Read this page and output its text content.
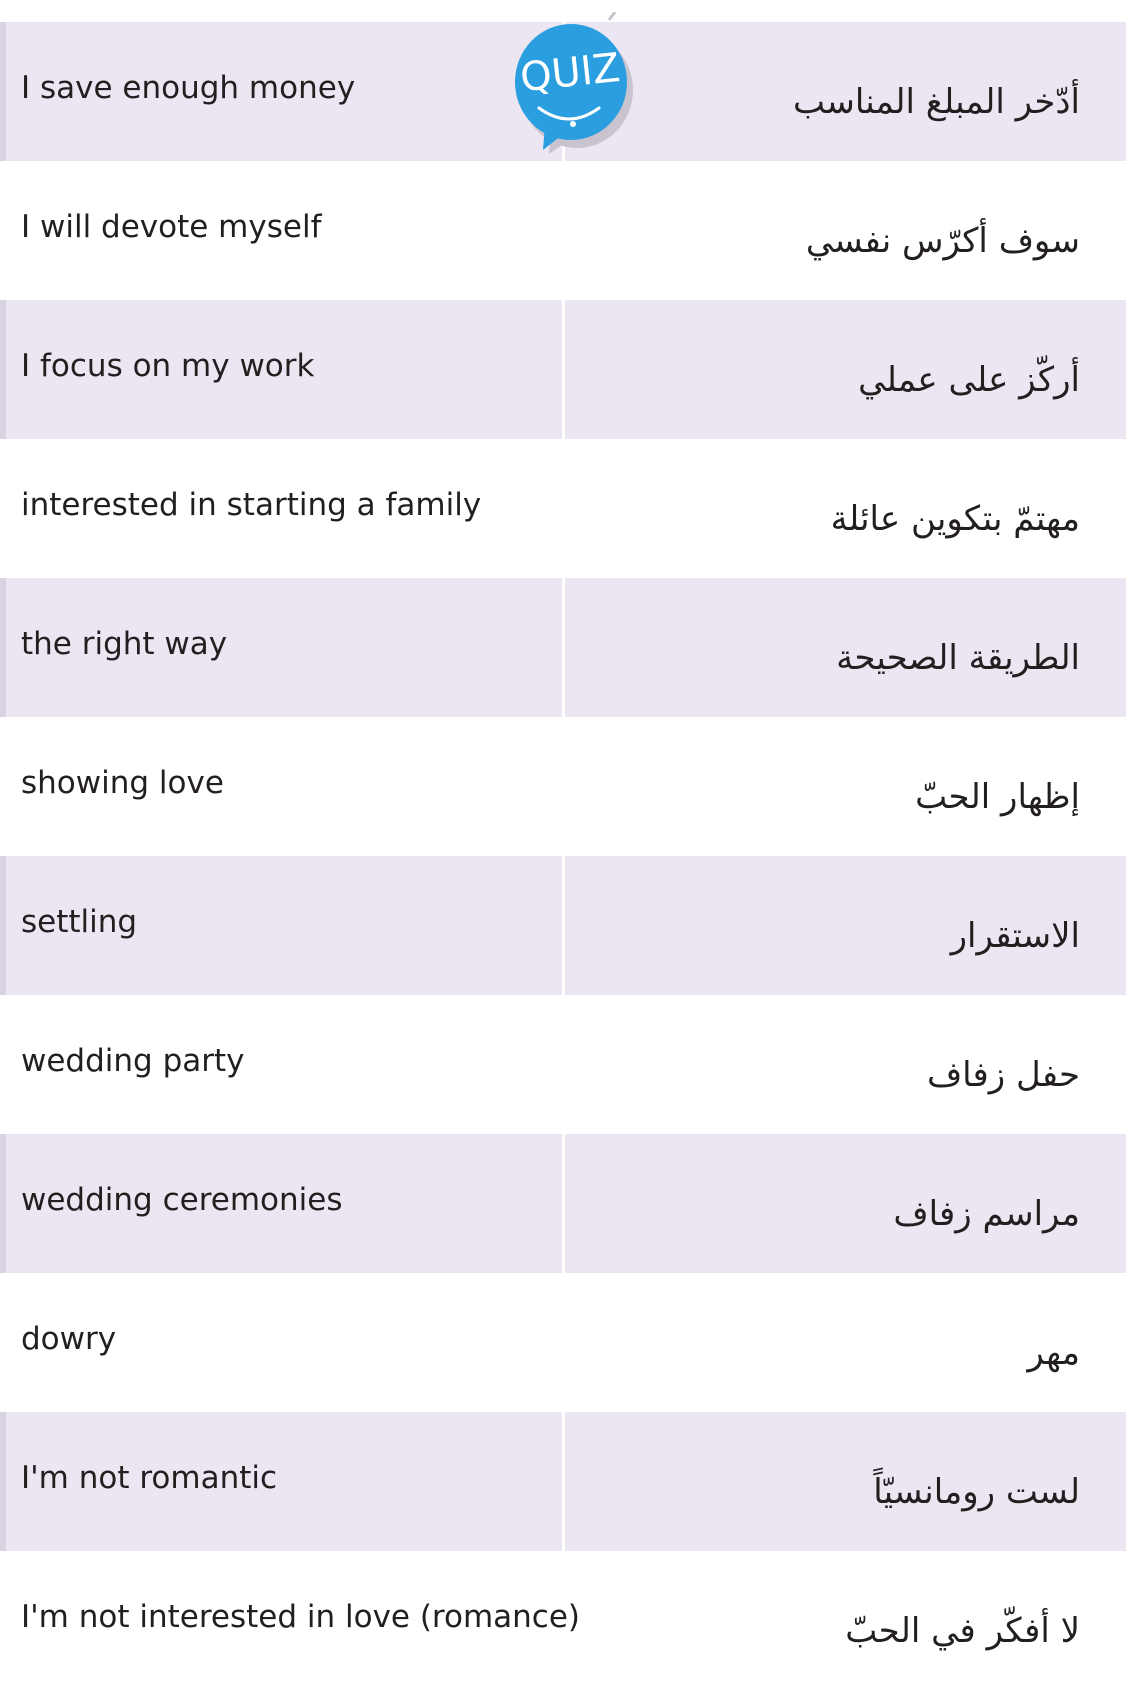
I save enough money	أدّخر المبلغ المناسب
I will devote myself	سوف أكرّس نفسي
I focus on my work	أركّز على عملي
interested in starting a family	مهتمّ بتكوين عائلة
the right way	الطريقة الصحيحة
showing love	إظهار الحبّ
settling	الاستقرار
wedding party	حفل زفاف
wedding ceremonies	مراسم زفاف
dowry	مهر
I'm not romantic	لست رومانسيّاً
I'm not interested in love (romance)	لا أفكّر في الحبّ
QUIZ
